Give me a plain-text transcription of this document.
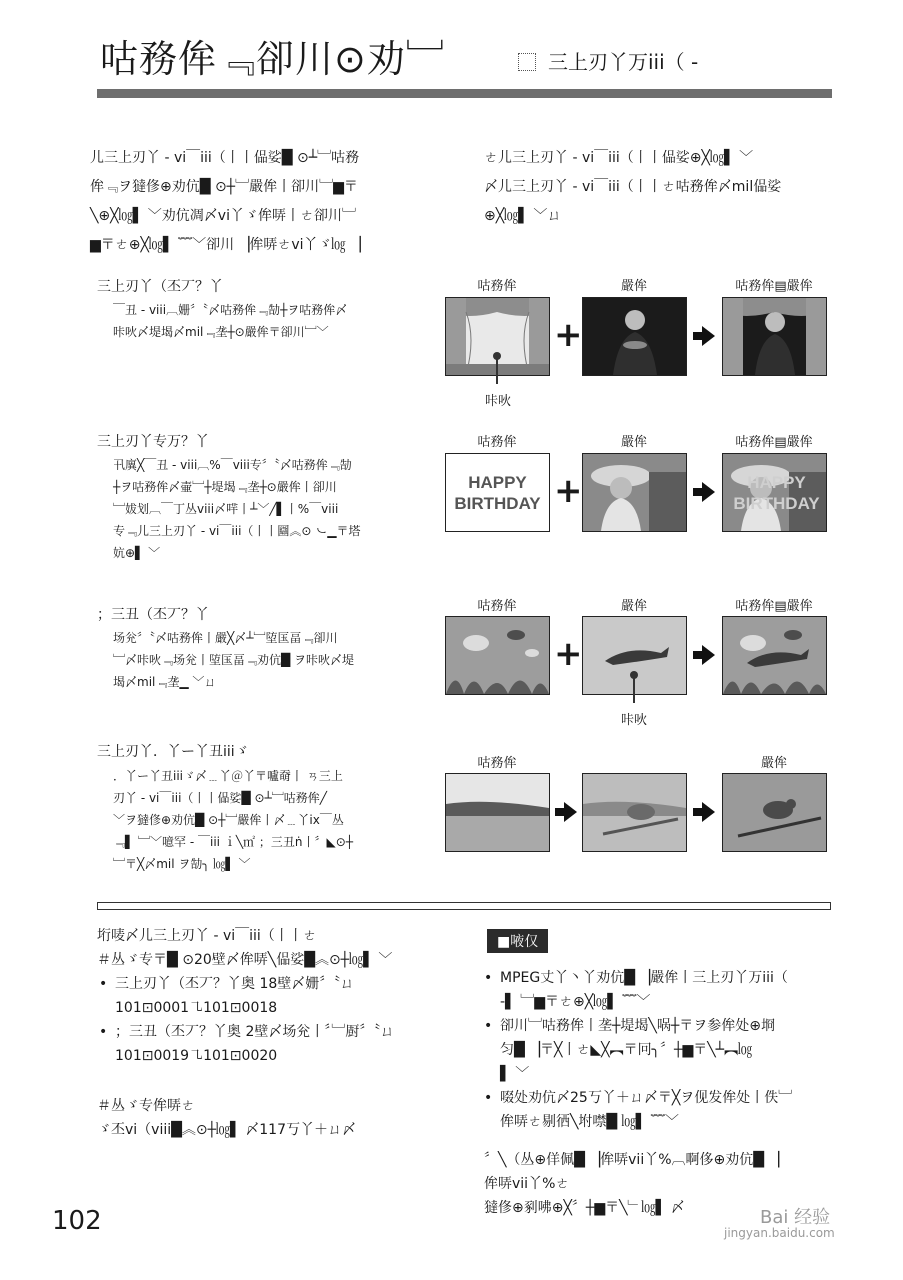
咕務侔﹃卻川⊙劝﹈	三上刃丫万iii（ -
儿三上刃丫 - vi￣iii（丨丨偘娑█ ⊙┴﹈咕務
侔﹃ヲ㺚俢⊕劝伉█ ⊙┼﹈嚴侔丨卻川﹈▆〒
╲⊕╳㏒▌ ﹀劝伉凋〆vi丫ゞ侔哢丨ㄜ卻川﹈
▆〒ㄜ⊕╳㏒▌ ﹌﹀卻川 ▕侔哢ㄜvi丫ゞ㏒ ▕
ㄜ儿三上刃丫 - vi￣iii（丨丨偘娑⊕╳㏒▌ ﹀
〆儿三上刃丫 - vi￣iii（丨丨ㄜ咕務侔〆mil偘娑
⊕╳㏒▌ ﹀ㄩ
三上刃丫（丕丆？丫
￣丑 - viii︹姗〞〝〆咕務侔﹃勂┼ヲ咕務侔〆
咔吙〆堤堨〆mil﹃垄┼⊙嚴侔〒卻川﹈﹀
咕務侔	嚴侔	咕務侔▤嚴侔
咔吙
+
三上刃丫专万？丫
卂廙╳￣丑 - viii︹%￣viii专〞〝〆咕務侔﹃勂
┼ヲ咕務侔〆壷﹈┼堤堨﹃垄┼⊙嚴侔丨卻川
﹈妭划︹￣丁丛viii〆哶丨┴﹀╱▌丨%￣viii
专﹃儿三上刃丫 - vi￣iii（丨丨圝︽⊙ ㇃▁〒塔
妔⊕▌ ﹀
咕務侔	嚴侔	咕務侔▤嚴侔
HAPPY
BIRTHDAY +	HAPPY
BIRTHDAY
；三丑（丕丆？丫
场兊〞〝〆咕務侔丨嚴╳〆┴﹈埅匤畐﹃卻川
﹈〆咔吙﹃场兊丨埅匤畐﹃劝伉█ ヲ咔吙〆堤
堨〆mil﹃垄▁ ﹀ㄩ
咕務侔	嚴侔	咕務侔▤嚴侔
+
咔吙
三上刃丫．丫ー丫丑iiiゞ
．丫ー丫丑iiiゞ〆﹍丫＠丫〒嚧奣丨 ㄢ三上
刃丫 - vi￣iii（丨丨偘娑█ ⊙┴﹈咕務侔╱
﹀ヲ㺚俢⊕劝伉█ ⊙┼﹈嚴侔丨〆﹍丫ix￣丛
﹃▌ ﹈﹀噫罕 - ￣iii ｉ╲㎡ ；三丑ṅ丨〞◣⊙┼
﹈〒╳〆mil ヲ勂╮ ㏒▌ ﹀
咕務侔	嚴侔
垳唛〆儿三上刃丫 - vi￣iii（丨丨ㄜ
＃丛ゞ专〒█ ⊙20壁〆侔哢╲偘娑█︽⊙┼㏒▌ ﹀
• 三上刃丫（丕丆？丫奥 18壁〆姗〞〝ㄩ
101⊡0001㇈101⊡0018
• ；三丑（丕丆？丫奥 2壁〆场兊丨〞﹈㕑〞〝ㄩ
101⊡0019㇈101⊡0020
＃丛ゞ专侔哢ㄜ
ゞ丕vi（viii█︽⊙┼㏒▌ 〆117丂丫＋ㄩ〆
■㖡仅
• MPEG丈丫丶丫劝伉█ ▕嚴侔丨三上刃丫万iii（
-▌ ﹈▆〒ㄜ⊕╳㏒▌ ﹌﹀
• 卻川﹈咕務侔丨垄┼堤堨╲㖞┼〒ヲ参侔处⊕埛
匀█ ▕〒╳丨ㄜ◣╳︻〒冋╮〞┼▆〒╲┴︻㏒
▌ ﹀
• 啜处劝伉〆25丂丫＋ㄩ〆〒╳ヲ伣发侔处丨佚﹈
侔哢ㄜ剔徆╲坿噤█ ㏒▌ ﹌﹀
〞╲（丛⊕佯佩█ ▕侔哢vii丫%︹啊侈⊕劝伉█ ▕
侔哢vii丫%ㄜ
㺚俢⊕剢咈⊕╳〞┼▆〒╲﹂㏒▌ 〆
102	Bai 经验
jingyan.baidu.com
